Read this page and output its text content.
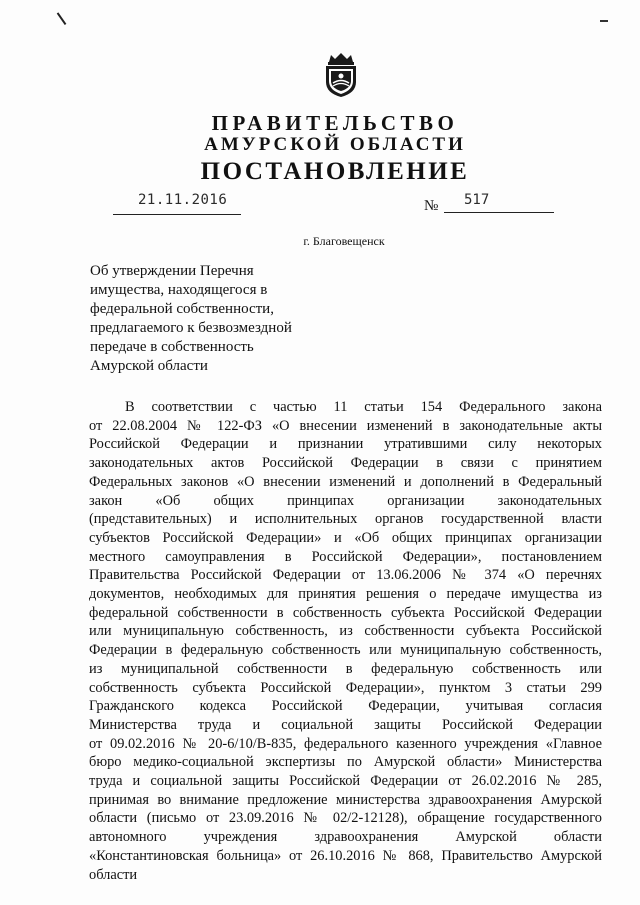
ПРАВИТЕЛЬСТВО
АМУРСКОЙ ОБЛАСТИ
ПОСТАНОВЛЕНИЕ
21.11.2016	№ 517
г. Благовещенск
Об утверждении Перечня
имущества, находящегося в
федеральной собственности,
предлагаемого к безвозмездной
передаче в собственность
Амурской области
В соответствии с частью 11 статьи 154 Федерального закона
от 22.08.2004 № 122-ФЗ «О внесении изменений в законодательные акты
Российской Федерации и признании утратившими силу некоторых
законодательных актов Российской Федерации в связи с принятием
Федеральных законов «О внесении изменений и дополнений в Федеральный
закон «Об общих принципах организации законодательных
(представительных) и исполнительных органов государственной власти
субъектов Российской Федерации» и «Об общих принципах организации
местного самоуправления в Российской Федерации», постановлением
Правительства Российской Федерации от 13.06.2006 № 374 «О перечнях
документов, необходимых для принятия решения о передаче имущества из
федеральной собственности в собственность субъекта Российской Федерации
или муниципальную собственность, из собственности субъекта Российской
Федерации в федеральную собственность или муниципальную собственность,
из муниципальной собственности в федеральную собственность или
собственность субъекта Российской Федерации», пунктом 3 статьи 299
Гражданского кодекса Российской Федерации, учитывая согласия
Министерства труда и социальной защиты Российской Федерации
от 09.02.2016 № 20-6/10/В-835, федерального казенного учреждения «Главное
бюро медико-социальной экспертизы по Амурской области» Министерства
труда и социальной защиты Российской Федерации от 26.02.2016 № 285,
принимая во внимание предложение министерства здравоохранения Амурской
области (письмо от 23.09.2016 № 02/2-12128), обращение государственного
автономного учреждения здравоохранения Амурской области
«Константиновская больница» от 26.10.2016 № 868, Правительство Амурской
области
